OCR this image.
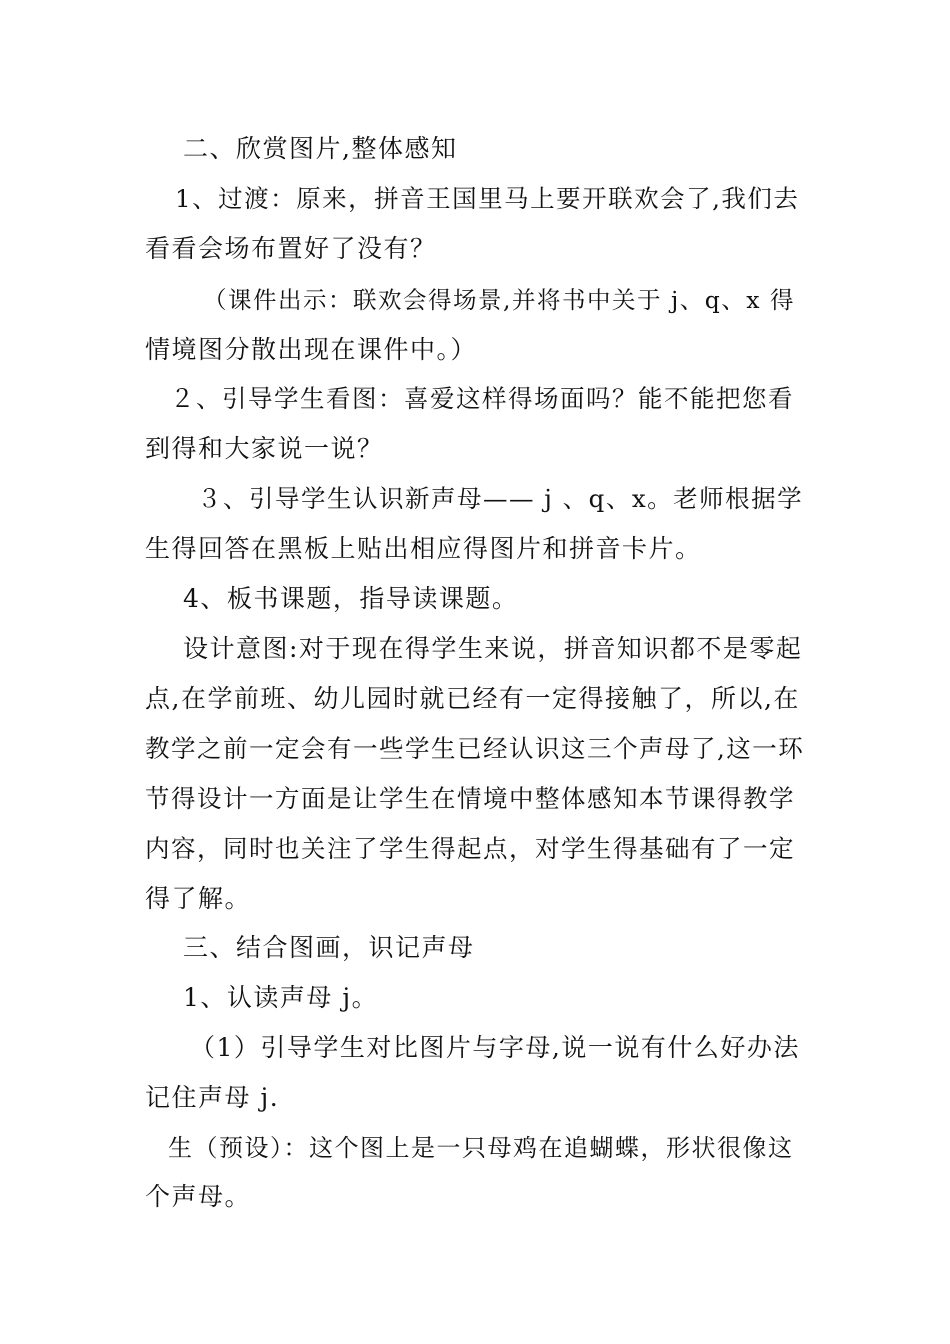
二、欣赏图片,整体感知
1、过渡：原来，拼音王国里马上要开联欢会了,我们去
看看会场布置好了没有？
（课件出示：联欢会得场景,并将书中关于 j、q、x 得
情境图分散出现在课件中。）
２、引导学生看图：喜爱这样得场面吗？能不能把您看
到得和大家说一说？
３、引导学生认识新声母—— j 、q、x。老师根据学
生得回答在黑板上贴出相应得图片和拼音卡片。
4、板书课题，指导读课题。
设计意图:对于现在得学生来说，拼音知识都不是零起
点,在学前班、幼儿园时就已经有一定得接触了，所以,在
教学之前一定会有一些学生已经认识这三个声母了,这一环
节得设计一方面是让学生在情境中整体感知本节课得教学
内容，同时也关注了学生得起点，对学生得基础有了一定
得了解。
三、结合图画，识记声母
1、认读声母 j。
（1）引导学生对比图片与字母,说一说有什么好办法
记住声母 j.
生（预设）：这个图上是一只母鸡在追蝴蝶，形状很像这
个声母。
